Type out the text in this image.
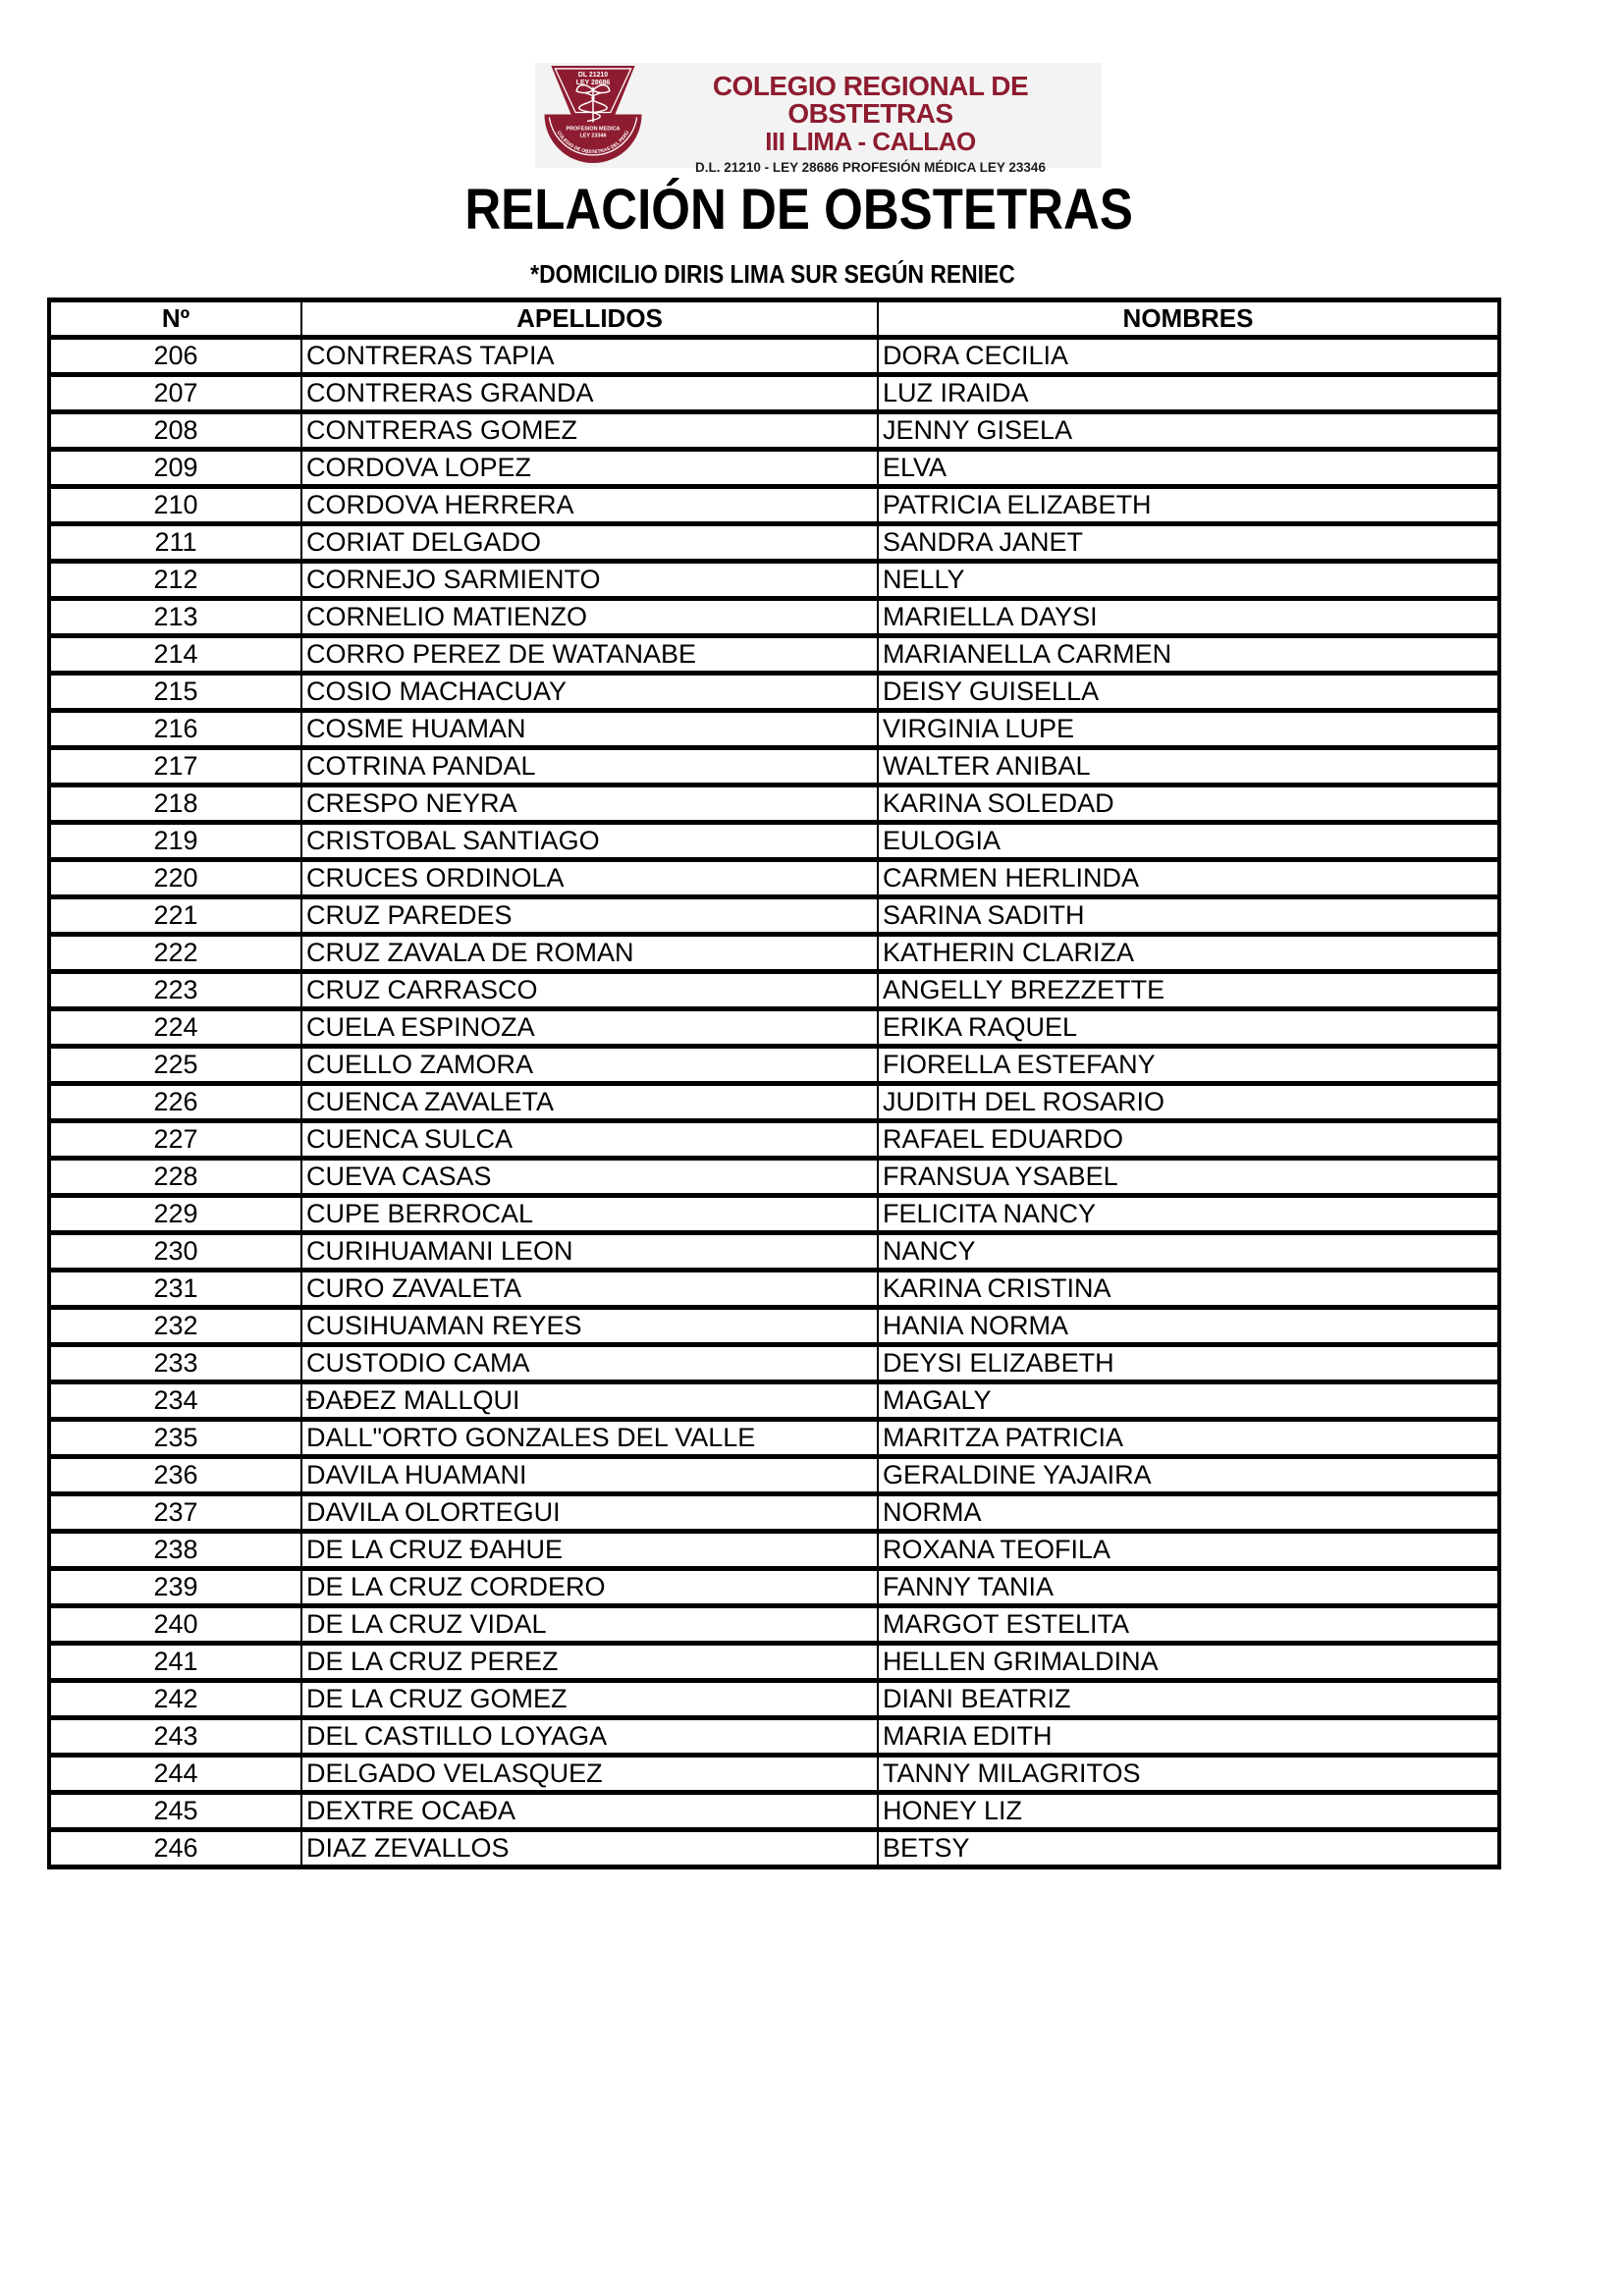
DL 21210
LEY 28686
PROFESION MEDICA
LEY 23346
COLEGIO DE OBSTETRAS DEL PERÚ
COLEGIO REGIONAL DE OBSTETRAS
III LIMA - CALLAO
D.L. 21210 - LEY 28686 PROFESIÓN MÉDICA LEY 23346
RELACIÓN DE OBSTETRAS
*DOMICILIO DIRIS LIMA SUR SEGÚN RENIEC
Nº	APELLIDOS	NOMBRES
206	CONTRERAS TAPIA	DORA CECILIA
207	CONTRERAS GRANDA	LUZ IRAIDA
208	CONTRERAS GOMEZ	JENNY GISELA
209	CORDOVA LOPEZ	ELVA
210	CORDOVA HERRERA	PATRICIA ELIZABETH
211	CORIAT DELGADO	SANDRA JANET
212	CORNEJO SARMIENTO	NELLY
213	CORNELIO MATIENZO	MARIELLA DAYSI
214	CORRO PEREZ DE WATANABE	MARIANELLA CARMEN
215	COSIO MACHACUAY	DEISY GUISELLA
216	COSME HUAMAN	VIRGINIA LUPE
217	COTRINA PANDAL	WALTER ANIBAL
218	CRESPO NEYRA	KARINA SOLEDAD
219	CRISTOBAL SANTIAGO	EULOGIA
220	CRUCES ORDINOLA	CARMEN HERLINDA
221	CRUZ PAREDES	SARINA SADITH
222	CRUZ ZAVALA DE ROMAN	KATHERIN CLARIZA
223	CRUZ CARRASCO	ANGELLY BREZZETTE
224	CUELA ESPINOZA	ERIKA RAQUEL
225	CUELLO ZAMORA	FIORELLA ESTEFANY
226	CUENCA ZAVALETA	JUDITH DEL ROSARIO
227	CUENCA SULCA	RAFAEL EDUARDO
228	CUEVA CASAS	FRANSUA YSABEL
229	CUPE BERROCAL	FELICITA NANCY
230	CURIHUAMANI LEON	NANCY
231	CURO ZAVALETA	KARINA CRISTINA
232	CUSIHUAMAN REYES	HANIA NORMA
233	CUSTODIO CAMA	DEYSI ELIZABETH
234	ÐAÐEZ MALLQUI	MAGALY
235	DALL"ORTO GONZALES DEL VALLE	MARITZA PATRICIA
236	DAVILA HUAMANI	GERALDINE YAJAIRA
237	DAVILA OLORTEGUI	NORMA
238	DE LA CRUZ ÐAHUE	ROXANA TEOFILA
239	DE LA CRUZ CORDERO	FANNY TANIA
240	DE LA CRUZ VIDAL	MARGOT ESTELITA
241	DE LA CRUZ PEREZ	HELLEN GRIMALDINA
242	DE LA CRUZ GOMEZ	DIANI BEATRIZ
243	DEL CASTILLO LOYAGA	MARIA EDITH
244	DELGADO VELASQUEZ	TANNY MILAGRITOS
245	DEXTRE OCAÐA	HONEY LIZ
246	DIAZ ZEVALLOS	BETSY
